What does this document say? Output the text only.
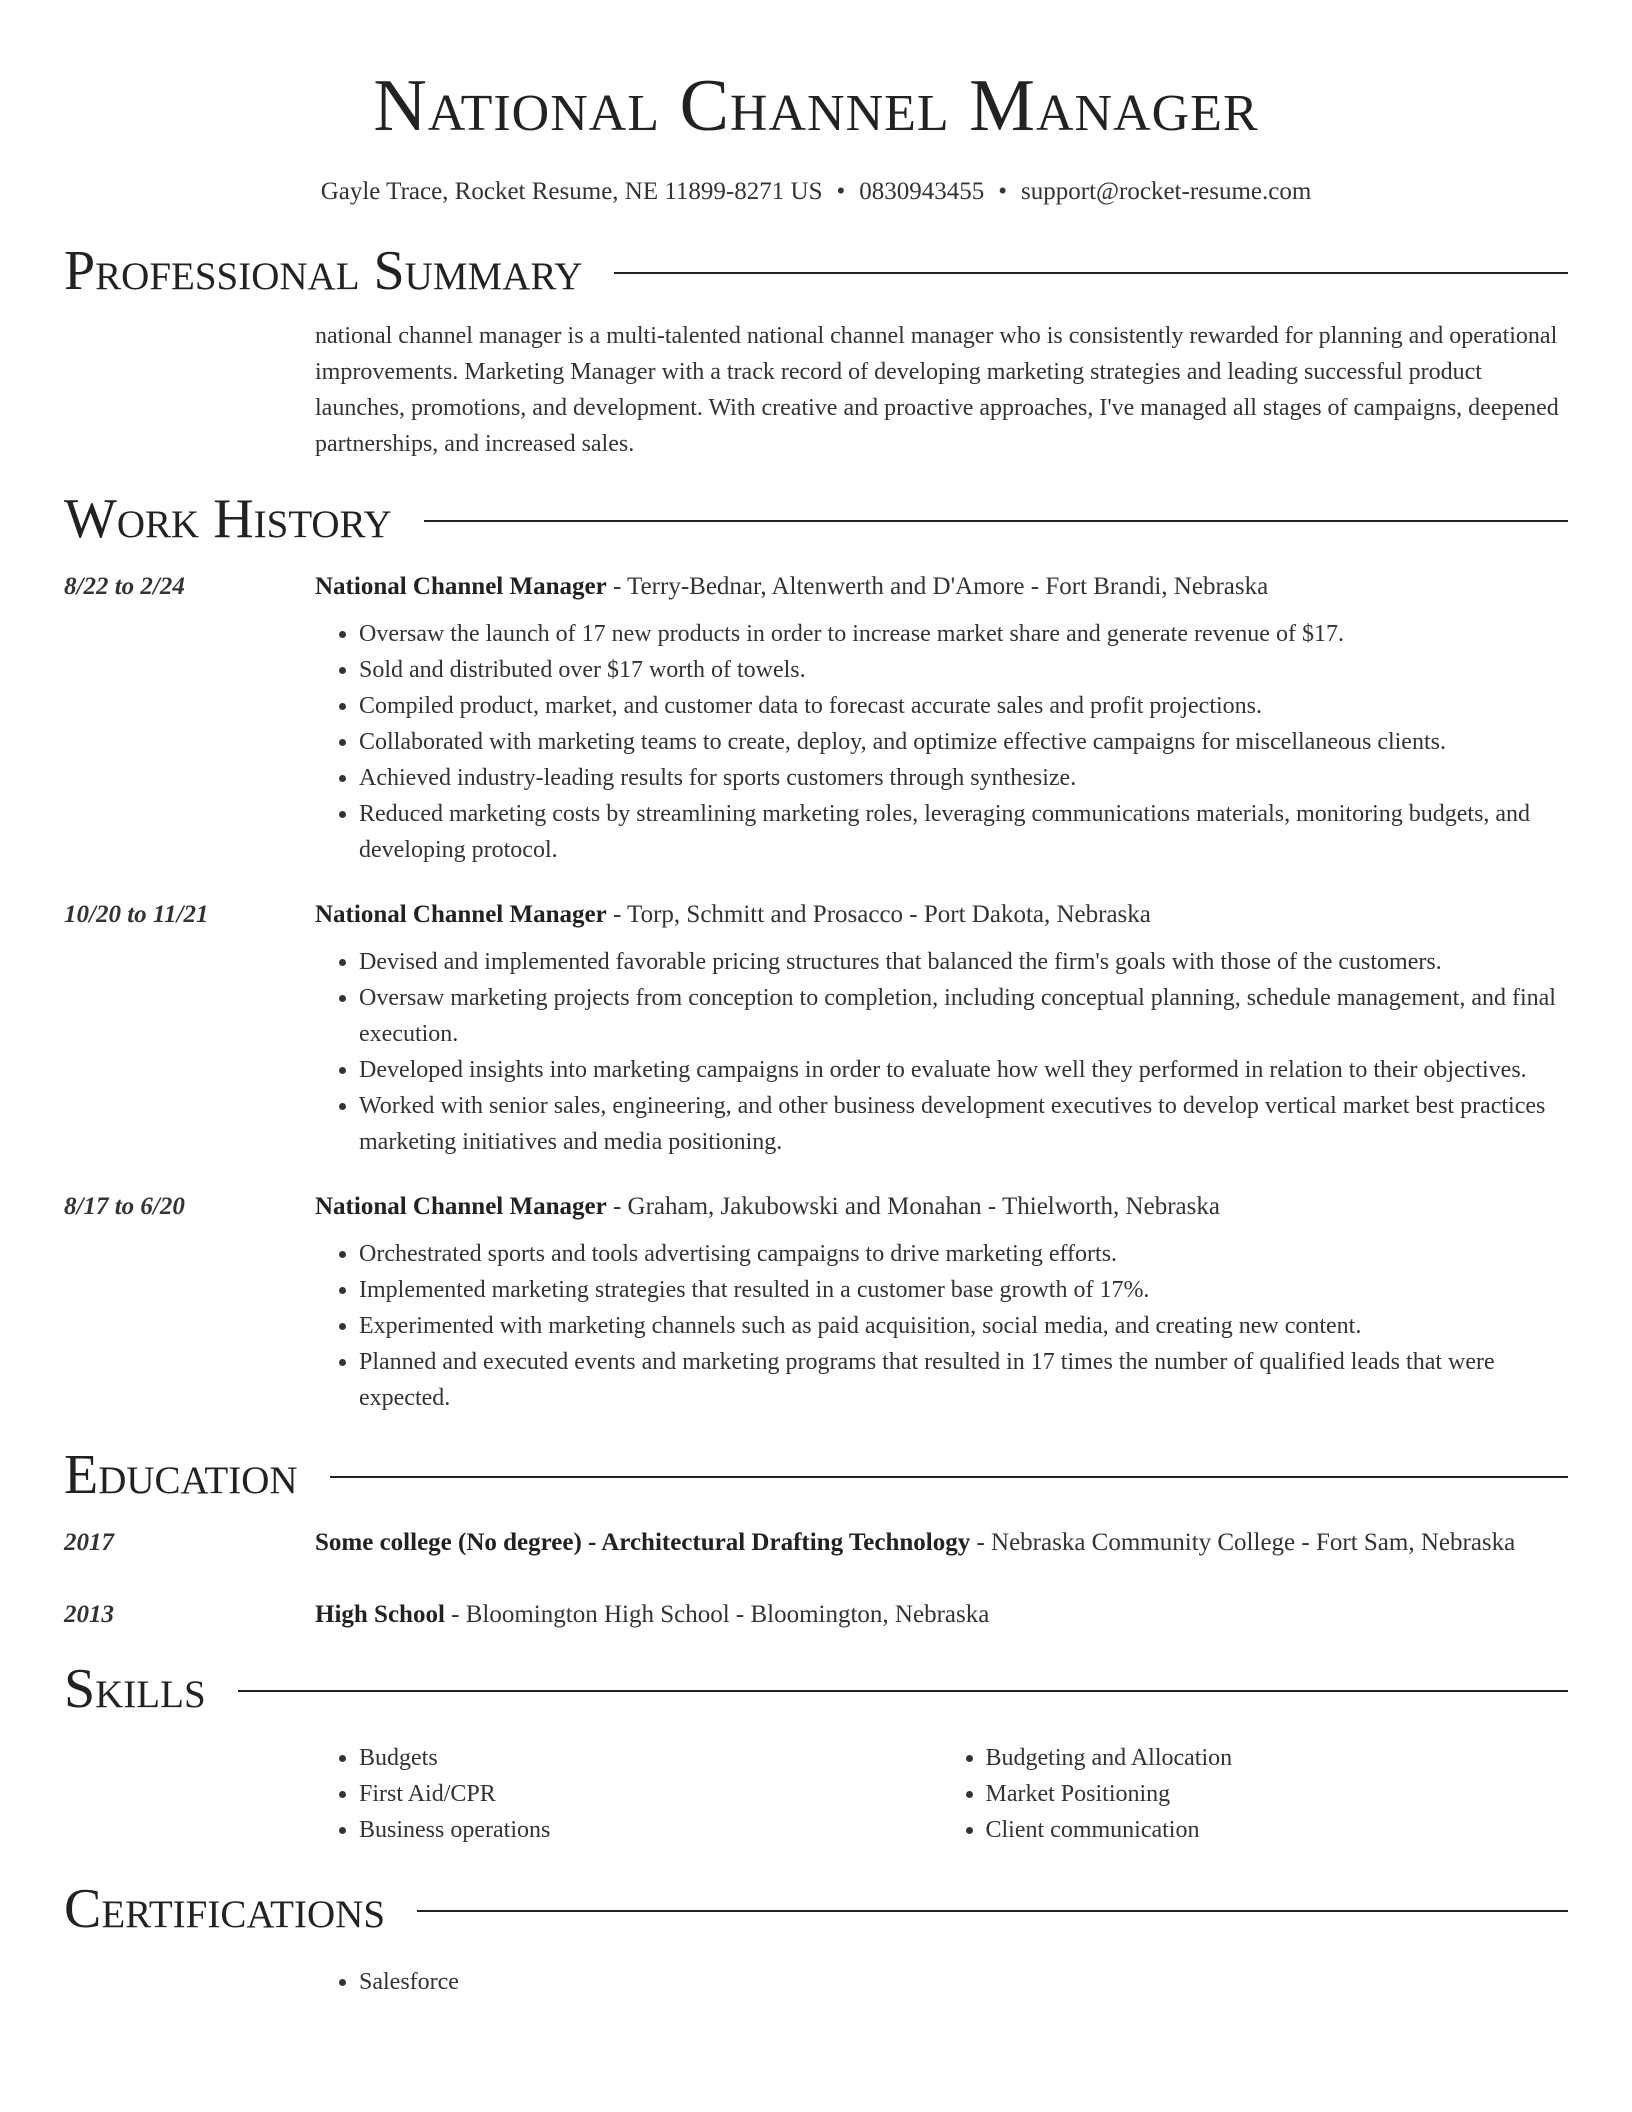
National Channel Manager
Gayle Trace, Rocket Resume, NE 11899-8271 US • 0830943455 • support@rocket-resume.com
Professional Summary
national channel manager is a multi-talented national channel manager who is consistently rewarded for planning and operational improvements. Marketing Manager with a track record of developing marketing strategies and leading successful product launches, promotions, and development. With creative and proactive approaches, I've managed all stages of campaigns, deepened partnerships, and increased sales.
Work History
8/22 to 2/24	National Channel Manager - Terry-Bednar, Altenwerth and D'Amore - Fort Brandi, Nebraska
• Oversaw the launch of 17 new products in order to increase market share and generate revenue of $17.
• Sold and distributed over $17 worth of towels.
• Compiled product, market, and customer data to forecast accurate sales and profit projections.
• Collaborated with marketing teams to create, deploy, and optimize effective campaigns for miscellaneous clients.
• Achieved industry-leading results for sports customers through synthesize.
• Reduced marketing costs by streamlining marketing roles, leveraging communications materials, monitoring budgets, and developing protocol.
10/20 to 11/21	National Channel Manager - Torp, Schmitt and Prosacco - Port Dakota, Nebraska
• Devised and implemented favorable pricing structures that balanced the firm's goals with those of the customers.
• Oversaw marketing projects from conception to completion, including conceptual planning, schedule management, and final execution.
• Developed insights into marketing campaigns in order to evaluate how well they performed in relation to their objectives.
• Worked with senior sales, engineering, and other business development executives to develop vertical market best practices marketing initiatives and media positioning.
8/17 to 6/20	National Channel Manager - Graham, Jakubowski and Monahan - Thielworth, Nebraska
• Orchestrated sports and tools advertising campaigns to drive marketing efforts.
• Implemented marketing strategies that resulted in a customer base growth of 17%.
• Experimented with marketing channels such as paid acquisition, social media, and creating new content.
• Planned and executed events and marketing programs that resulted in 17 times the number of qualified leads that were expected.
Education
2017	Some college (No degree) - Architectural Drafting Technology - Nebraska Community College - Fort Sam, Nebraska
2013	High School - Bloomington High School - Bloomington, Nebraska
Skills
• Budgets
• First Aid/CPR
• Business operations
• Budgeting and Allocation
• Market Positioning
• Client communication
Certifications
• Salesforce
